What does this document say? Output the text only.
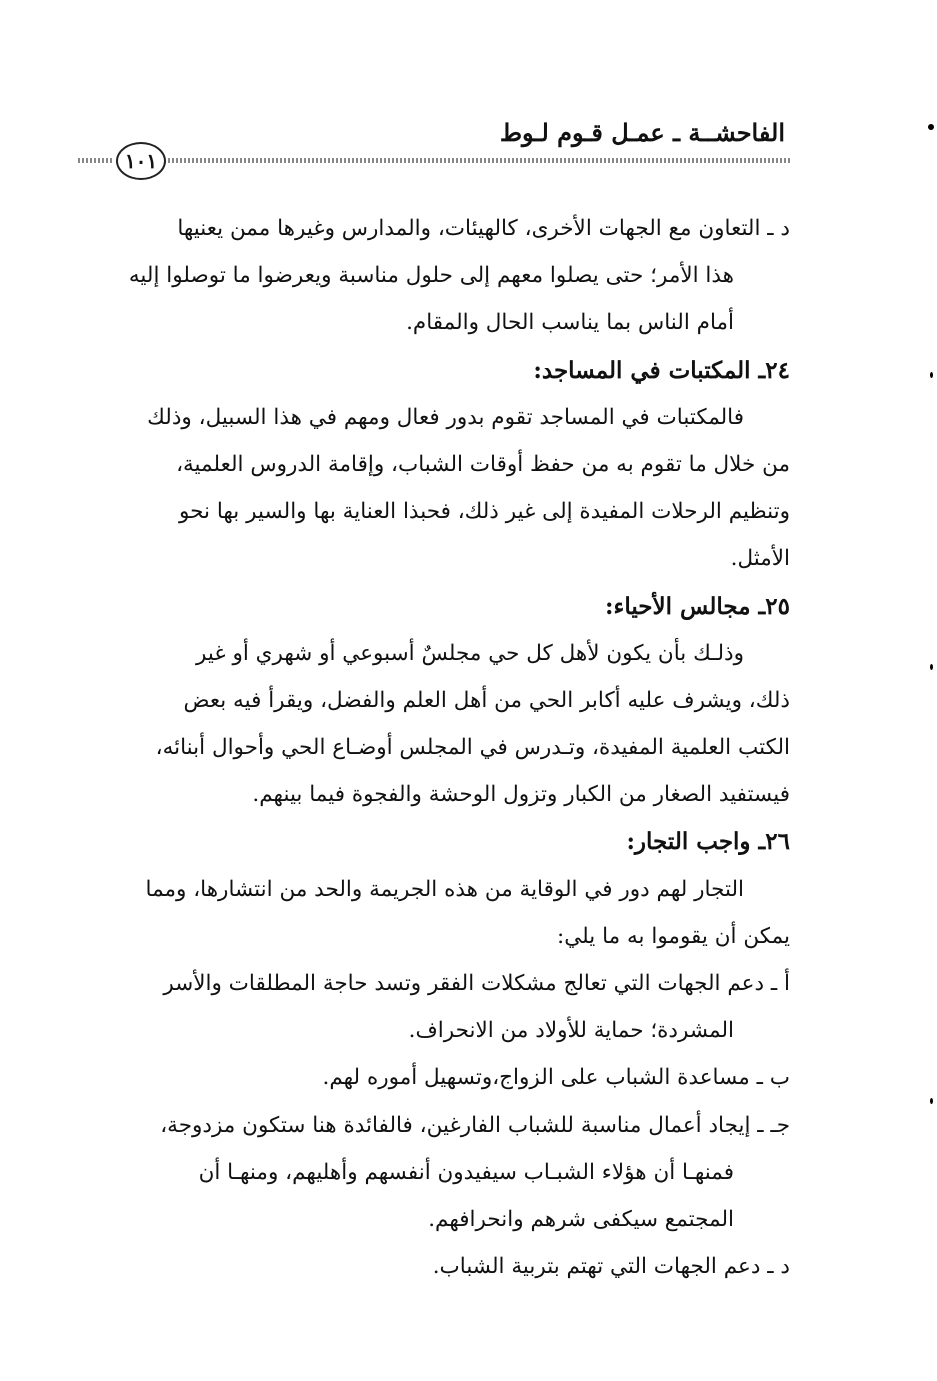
الفاحشــة ـ عمـل قـوم لـوط
١٠١
د ـ التعاون مع الجهات الأخرى، كالهيئات، والمدارس وغيرها ممن يعنيها
هذا الأمر؛ حتى يصلوا معهم إلى حلول مناسبة ويعرضوا ما توصلوا إليه
أمام الناس بما يناسب الحال والمقام.
٢٤ـ المكتبات في المساجد:
فالمكتبات في المساجد تقوم بدور فعال ومهم في هذا السبيل، وذلك
من خلال ما تقوم به من حفظ أوقات الشباب، وإقامة الدروس العلمية،
وتنظيم الرحلات المفيدة إلى غير ذلك، فحبذا العناية بها والسير بها نحو
الأمثل.
٢٥ـ مجالس الأحياء:
وذلـك بأن يكون لأهل كل حي مجلسٌ أسبوعي أو شهري أو غير
ذلك، ويشرف عليه أكابر الحي من أهل العلم والفضل، ويقرأ فيه بعض
الكتب العلمية المفيدة، وتـدرس في المجلس أوضـاع الحي وأحوال أبنائه،
فيستفيد الصغار من الكبار وتزول الوحشة والفجوة فيما بينهم.
٢٦ـ واجب التجار:
التجار لهم دور في الوقاية من هذه الجريمة والحد من انتشارها، ومما
يمكن أن يقوموا به ما يلي:
أ ـ دعم الجهات التي تعالج مشكلات الفقر وتسد حاجة المطلقات والأسر
المشردة؛ حماية للأولاد من الانحراف.
ب ـ مساعدة الشباب على الزواج،وتسهيل أموره لهم.
جـ ـ إيجاد أعمال مناسبة للشباب الفارغين، فالفائدة هنا ستكون مزدوجة،
فمنهـا أن هؤلاء الشبـاب سيفيدون أنفسهم وأهليهم، ومنهـا أن
المجتمع سيكفى شرهم وانحرافهم.
د ـ دعم الجهات التي تهتم بتربية الشباب.
